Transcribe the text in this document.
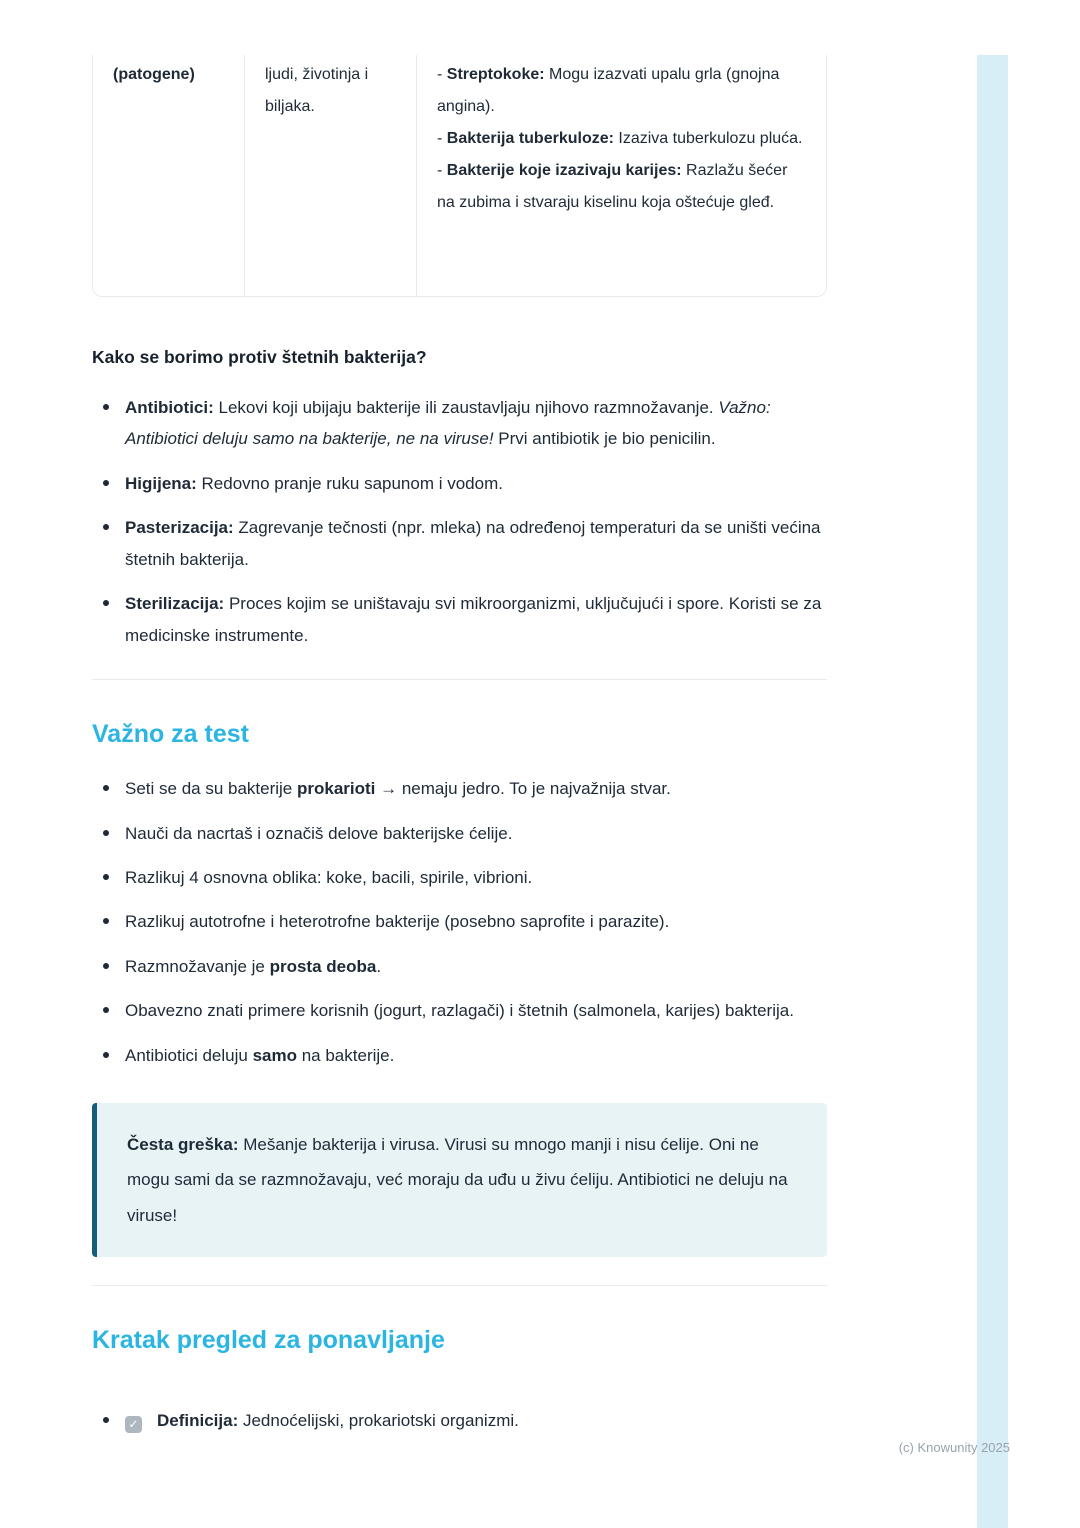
(patogene)	ljudi, životinja i biljaka.
- Streptokoke: Mogu izazvati upalu grla (gnojna angina).
- Bakterija tuberkuloze: Izaziva tuberkulozu pluća.
- Bakterije koje izazivaju karijes: Razlažu šećer na zubima i stvaraju kiselinu koja oštećuje gleđ.
Kako se borimo protiv štetnih bakterija?
Antibiotici: Lekovi koji ubijaju bakterije ili zaustavljaju njihovo razmnožavanje. Važno: Antibiotici deluju samo na bakterije, ne na viruse! Prvi antibiotik je bio penicilin.
Higijena: Redovno pranje ruku sapunom i vodom.
Pasterizacija: Zagrevanje tečnosti (npr. mleka) na određenoj temperaturi da se uništi većina štetnih bakterija.
Sterilizacija: Proces kojim se uništavaju svi mikroorganizmi, uključujući i spore. Koristi se za medicinske instrumente.
Važno za test
Seti se da su bakterije prokarioti → nemaju jedro. To je najvažnija stvar.
Nauči da nacrtaš i označiš delove bakterijske ćelije.
Razlikuj 4 osnovna oblika: koke, bacili, spirile, vibrioni.
Razlikuj autotrofne i heterotrofne bakterije (posebno saprofite i parazite).
Razmnožavanje je prosta deoba.
Obavezno znati primere korisnih (jogurt, razlagači) i štetnih (salmonela, karijes) bakterija.
Antibiotici deluju samo na bakterije.
Česta greška: Mešanje bakterija i virusa. Virusi su mnogo manji i nisu ćelije. Oni ne mogu sami da se razmnožavaju, već moraju da uđu u živu ćeliju. Antibiotici ne deluju na viruse!
Kratak pregled za ponavljanje
✓ Definicija: Jednoćelijski, prokariotski organizmi.
(c) Knowunity 2025
